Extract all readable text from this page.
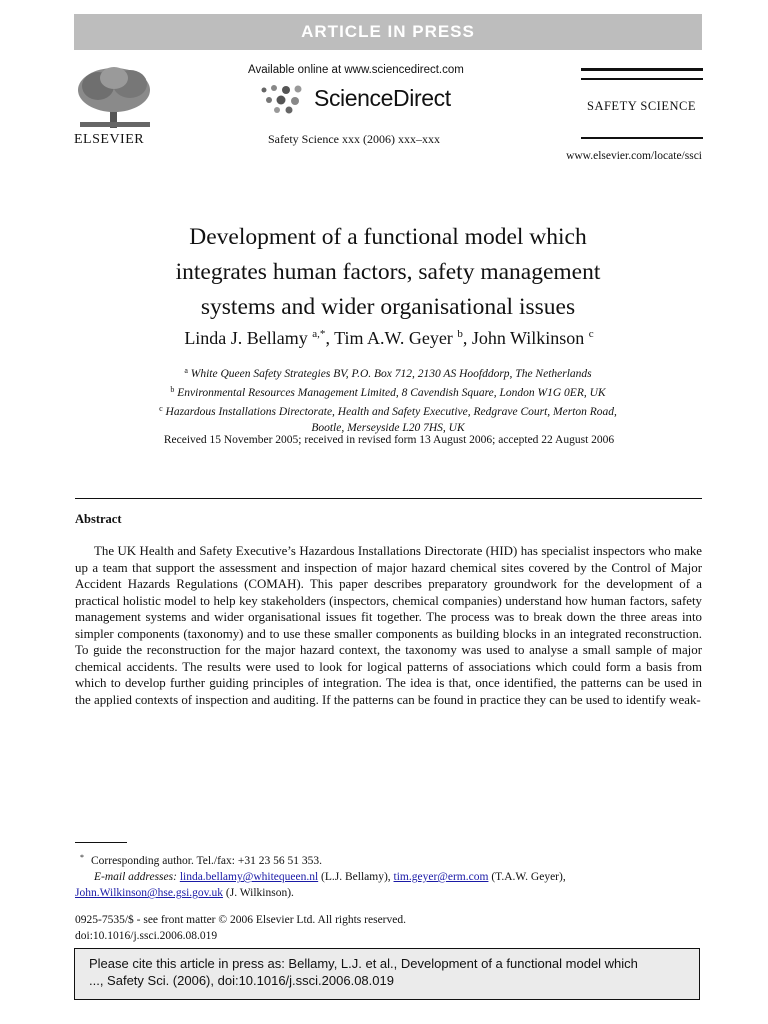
ARTICLE IN PRESS
ELSEVIER
Available online at www.sciencedirect.com
ScienceDirect
Safety Science xxx (2006) xxx–xxx
SAFETY SCIENCE
www.elsevier.com/locate/ssci
Development of a functional model which
integrates human factors, safety management
systems and wider organisational issues
Linda J. Bellamy $^{a,*}$, Tim A.W. Geyer $^b$, John Wilkinson $^c$
$^a$ White Queen Safety Strategies BV, P.O. Box 712, 2130 AS Hoofddorp, The Netherlands
$^b$ Environmental Resources Management Limited, 8 Cavendish Square, London W1G 0ER, UK
$^c$ Hazardous Installations Directorate, Health and Safety Executive, Redgrave Court, Merton Road,
Bootle, Merseyside L20 7HS, UK
Received 15 November 2005; received in revised form 13 August 2006; accepted 22 August 2006
Abstract

The UK Health and Safety Executive’s Hazardous Installations Directorate (HID) has specialist inspectors who make up a team that support the assessment and inspection of major hazard chemical sites covered by the Control of Major Accident Hazards Regulations (COMAH). This paper describes preparatory groundwork for the development of a practical holistic model to help key stakeholders (inspectors, chemical companies) understand how human factors, safety management systems and wider organisational issues fit together. The process was to break down the three areas into simpler components (taxonomy) and to use these smaller components as building blocks in an integrated reconstruction. To guide the reconstruction for the major hazard context, the taxonomy was used to analyse a small sample of major chemical accidents. The results were used to look for logical patterns of associations which could form a basis from which to develop further guiding principles of integration. The idea is that, once identified, the patterns can be used in the applied contexts of inspection and auditing. If the patterns can be found in practice they can be used to identify weak-

* Corresponding author. Tel./fax: +31 23 56 51 353.

E-mail addresses: linda.bellamy@whitequeen.nl (L.J. Bellamy), tim.geyer@erm.com (T.A.W. Geyer),

John.Wilkinson@hse.gsi.gov.uk (J. Wilkinson).
0925-7535/$ - see front matter © 2006 Elsevier Ltd. All rights reserved.
doi:10.1016/j.ssci.2006.08.019
Please cite this article in press as: Bellamy, L.J. et al., Development of a functional model which
..., Safety Sci. (2006), doi:10.1016/j.ssci.2006.08.019
